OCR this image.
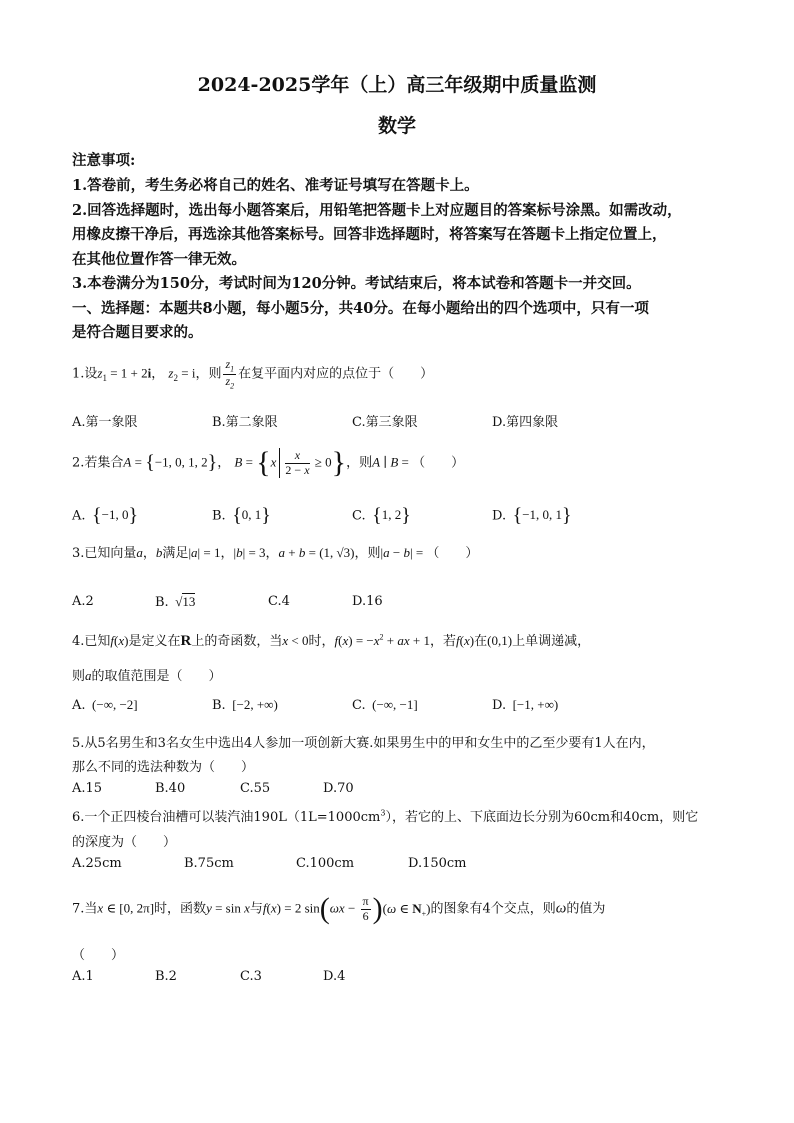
2024-2025学年（上）高三年级期中质量监测
数学
注意事项:
1.答卷前，考生务必将自己的姓名、准考证号填写在答题卡上。
2.回答选择题时，选出每小题答案后，用铅笔把答题卡上对应题目的答案标号涂黑。如需改动，
用橡皮擦干净后，再选涂其他答案标号。回答非选择题时，将答案写在答题卡上指定位置上，
在其他位置作答一律无效。
3.本卷满分为150分，考试时间为120分钟。考试结束后，将本试卷和答题卡一并交回。
一、选择题：本题共8小题，每小题5分，共40分。在每小题给出的四个选项中，只有一项
是符合题目要求的。
1.设$z_1 = 1 + 2i$， $z_2 = i$，则 $\frac{z_1}{z_2}$ 在复平面内对应的点位于（　　）
A.第一象限	B.第二象限	C.第三象限	D.第四象限
2.若集合A = {−1, 0, 1, 2}， $B = \{x \frac{x}{2 - x} \ge 0\}$，则A ∣ B = （　　）
A. {−1, 0}	B. {0, 1}	C. {1, 2}	D. {−1, 0, 1}
3.已知向量a，b满足|a| = 1，|b| = 3，a + b = (1, √3)，则|a − b| = （　　）
A.2	B.  √13	C.4	D.16
4.已知f(x)是定义在R上的奇函数，当x < 0时，$f(x) = -x^2$ + ax + 1，若f(x)在(0,1)上单调递减，
则a的取值范围是（　　）
A.  (−∞, −2]	B.  [−2, +∞)	C.  (−∞, −1]	D.  [−1, +∞)
5.从5名男生和3名女生中选出4人参加一项创新大赛.如果男生中的甲和女生中的乙至少要有1人在内，
那么不同的选法种数为（　　）
A.15	B.40	C.55	D.70
6.一个正四棱台油槽可以装汽油$190L(1L=1000cm^3)$，若它的上、下底面边长分别为60cm和40cm，则它
的深度为（　　）
A.25cm	B.75cm	C.100cm	D.150cm
7.当x ∈ [0, 2π]时，函数y = sin x与f(x) = 2 $\sin(\omega x - \frac{\pi}{6} )(\omega$ ∈ $N_+$)的图象有4个交点，则ω的值为
（　　）
A.1	B.2	C.3	D.4
